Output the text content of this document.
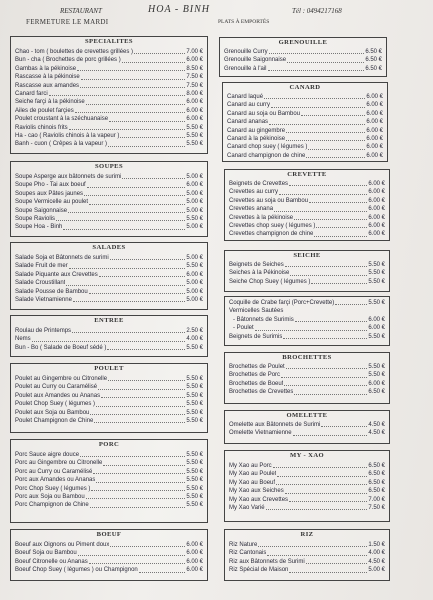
RESTAURANT	HOA - BINH	Tél : 0494217168
FERMETURE LE MARDI	PLATS À EMPORTÉS
SPECIALITES
Chao - tom ( boulettes de crevettes grillées )	7.00 €
Bun - cha ( Brochettes de porc grillées )	6.00 €
Gambas à la pékinoise	8.50 €
Rascasse à la pékinoise	7.50 €
Rascasse aux amandes	7.50 €
Canard farci	8.00 €
Seiche farçi à la pékinoise	6.00 €
Ailes de poulet farçies	6.00 €
Poulet croustant à la széchuanaise	6.00 €
Raviolis chinois frits	5.50 €
Ha - cao ( Raviolis chinois à la vapeur )	5.50 €
Banh - cuon ( Crêpes à la vapeur )	5.50 €
SOUPES
Soupe Asperge aux bâtonnets de surimi	5.00 €
Soupe Pho - Tai aux boeuf	6.00 €
Soupes aux Pâtes jaunes	5.00 €
Soupe Vermicelle au poulet	5.00 €
Soupe Saigonnaise	5.00 €
Soupe Raviolis	5.50 €
Soupe Hoa - Binh	5.00 €
SALADES
Salade Soja et Bâtonnets de surimi	5.00 €
Salade Fruit de mer	5.50 €
Salade Piquante aux Crevettes	6.00 €
Salade Croustillant	5.00 €
Salade Pousse de Bambou	5.00 €
Salade Vietnamienne	5.00 €
ENTREE
Roulau de Printemps	2.50 €
Nems	4.00 €
Bun - Bo ( Salade de Boeuf sédé )	5.50 €
POULET
Poulet au Gingembre ou Citronelle	5.50 €
Poulet au Curry ou Caramélisé	5.50 €
Poulet aux Amandes ou Ananas	5.50 €
Poulet Chop Suey ( légumes )	5.50 €
Poulet aux Soja ou Bambou	5.50 €
Poulet Champignon de Chine	5.50 €
PORC
Porc Sauce aigre douce	5.50 €
Porc au Gingembre ou Citronelle	5.50 €
Porc au Curry ou Caramélisé	5.50 €
Porc aux Amandes ou Ananas	5.50 €
Porc Chop Suey ( légumes )	5.50 €
Porc aux Soja ou Bambou	5.50 €
Porc Champignon de Chine	5.50 €
BOEUF
Boeuf aux Oignons ou Piment doux	6.00 €
Boeuf Soja ou Bambou	6.00 €
Boeuf Citronelle ou Ananas	6.00 €
Boeuf Chop Suey ( légumes ) ou Champignon	6.00 €
GRENOUILLE
Grenouille Curry	6.50 €
Grenouille Saigonnaise	6.50 €
Grenouille à l'ail	6.50 €
CANARD
Canard laqué	6.00 €
Canard au curry	6.00 €
Canard au soja ou Bambou	6.00 €
Canard ananas	6.00 €
Canard au gingembre	6.00 €
Canard à la pékinoise	6.00 €
Canard chop suey ( légumes )	6.00 €
Canard champignon de chine	6.00 €
CREVETTE
Beignets de Crevettes	6.00 €
Crevettes au curry	6.00 €
Crevettes au soja ou Bambou	6.00 €
Crevettes anana	6.00 €
Crevettes à la pékinoise	6.00 €
Crevettes chop suey ( légumes )	6.00 €
Crevettes champignon de chine	6.00 €
SEICHE
Beignets de Seiches	5.50 €
Seiches à la Pékinoise	5.50 €
Seiche Chop Suey ( légumes )	5.50 €
Coquille de Crabe farçi (Porc+Crevette)	5.50 €
Vermicelles Sautées
- Bâtonnets de Surimis	6.00 €
- Poulet	6.00 €
Beignets de Surimis	5.50 €
BROCHETTES
Brochettes de Poulet	5.50 €
Brochettes de Porc	5.50 €
Brochettes de Boeuf	6.00 €
Brochettes de Crevettes	6.50 €
OMELETTE
Omelette aux Bâtonnets de Surimi	4.50 €
Omelette Vietnamienne	4.50 €
MY - XAO
My Xao au Porc	6.50 €
My Xao au Poulet	6.50 €
My Xao au Boeuf	6.50 €
My Xao aux Seiches	6.50 €
My Xao aux Crevettes	7.00 €
My Xao Varié	7.50 €
RIZ
Riz Nature	1.50 €
Riz Cantonais	4.00 €
Riz aux Bâtonnets de Surimi	4.50 €
Riz Spécial de Maison	5.00 €
